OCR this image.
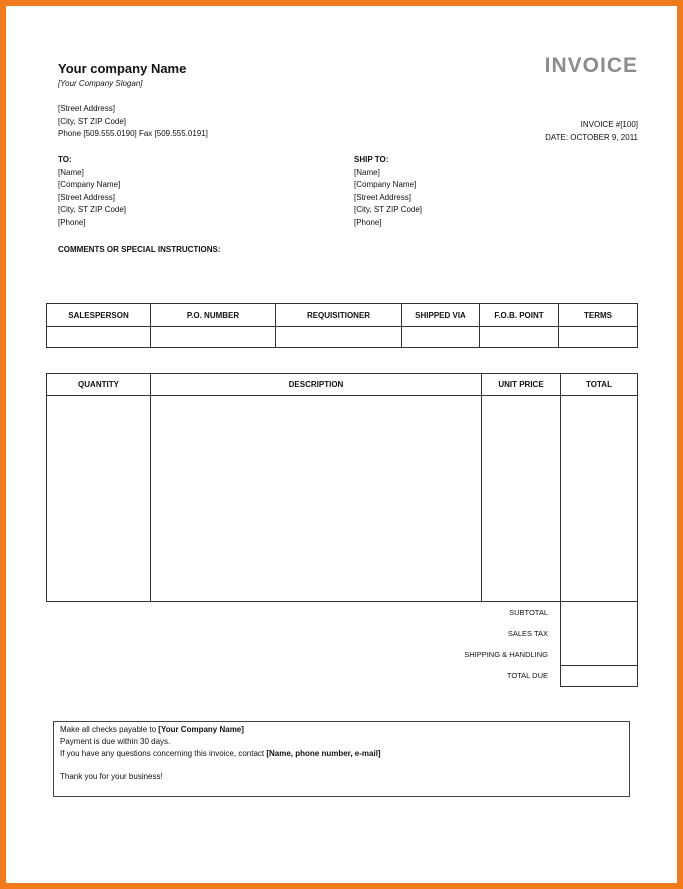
Your company Name
[Your Company Slogan]
[Street Address]
[City, ST ZIP Code]
Phone [509.555.0190] Fax [509.555.0191]
INVOICE
INVOICE #[100]
DATE: OCTOBER 9, 2011
TO:
[Name]
[Company Name]
[Street Address]
[City, ST ZIP Code]
[Phone]
SHIP TO:
[Name]
[Company Name]
[Street Address]
[City, ST ZIP Code]
[Phone]
COMMENTS OR SPECIAL INSTRUCTIONS:
SALESPERSON	P.O. NUMBER	REQUISITIONER	SHIPPED VIA	F.O.B. POINT	TERMS

QUANTITY	DESCRIPTION	UNIT PRICE	TOTAL

	SUBTOTAL		
	SALES TAX		
	SHIPPING & HANDLING		
	TOTAL DUE		
Make all checks payable to [Your Company Name]
Payment is due within 30 days.
If you have any questions concerning this invoice, contact [Name, phone number, e-mail]
Thank you for your business!
